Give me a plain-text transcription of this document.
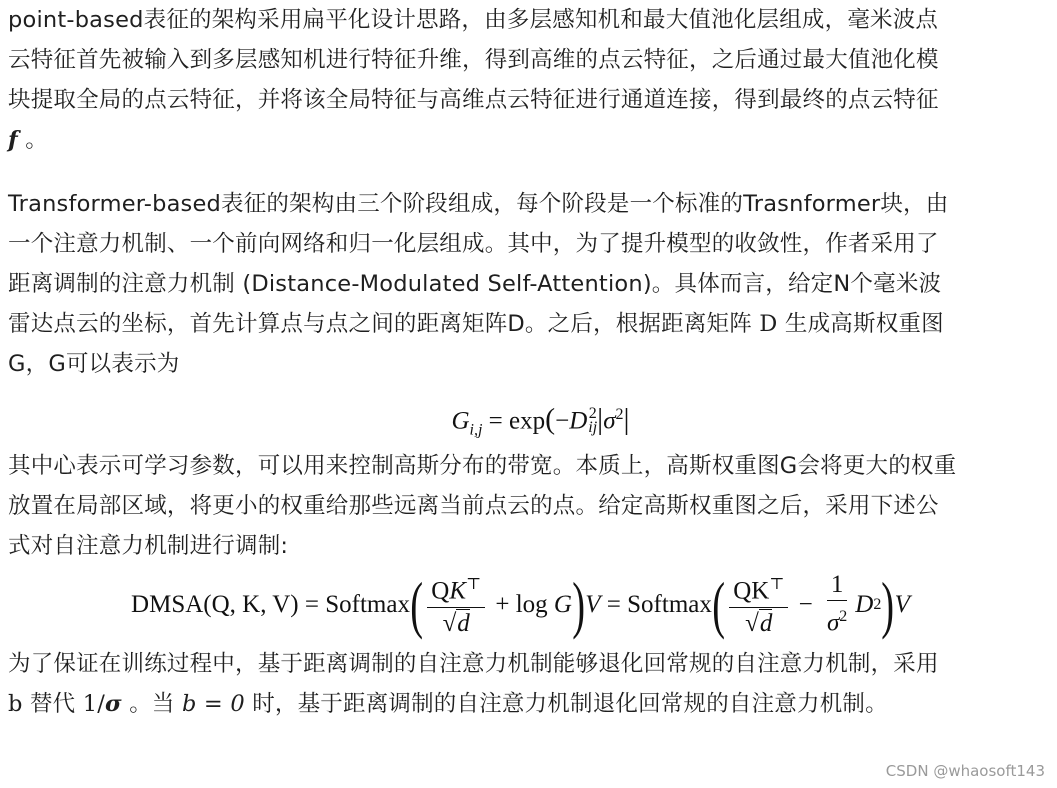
point-based表征的架构采用扁平化设计思路，由多层感知机和最大值池化层组成，毫米波点
云特征首先被输入到多层感知机进行特征升维，得到高维的点云特征，之后通过最大值池化模
块提取全局的点云特征，并将该全局特征与高维点云特征进行通道连接，得到最终的点云特征
f 。

Transformer-based表征的架构由三个阶段组成，每个阶段是一个标准的Trasnformer块，由
一个注意力机制、一个前向网络和归一化层组成。其中，为了提升模型的收敛性，作者采用了
距离调制的注意力机制 (Distance-Modulated Self-Attention)。具体而言，给定N个毫米波
雷达点云的坐标，首先计算点与点之间的距离矩阵D。之后，根据距离矩阵 D 生成高斯权重图
G，G可以表示为

$G_{i,j} = \exp(-D$ 2
ij $|\sigma^2|$

其中心表示可学习参数，可以用来控制高斯分布的带宽。本质上，高斯权重图G会将更大的权重
放置在局部区域，将更小的权重给那些远离当前点云的点。给定高斯权重图之后，采用下述公
式对自注意力机制进行调制:

DMSA(Q, K, V)
=
Softmax ( $\frac{QK^⊤}{√d}$
+
log
G ) V
=
Softmax ( $\frac{QK^⊤}{√d}$
−
$\frac{1}{\sigma^2}$ D 2 ) V

为了保证在训练过程中，基于距离调制的自注意力机制能够退化回常规的自注意力机制，采用
b 替代 1/σ 。当 b = 0 时，基于距离调制的自注意力机制退化回常规的自注意力机制。

CSDN @whaosoft143
